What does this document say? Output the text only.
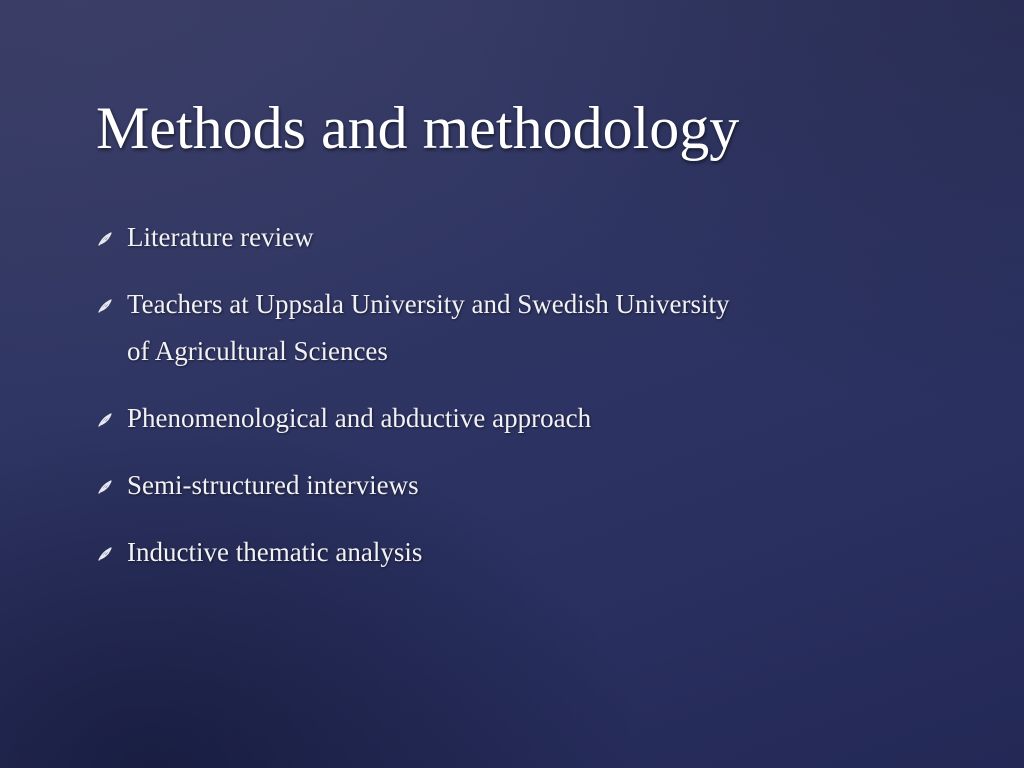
Methods and methodology
Literature review
Teachers at Uppsala University and Swedish University of Agricultural Sciences
Phenomenological and abductive approach
Semi-structured interviews
Inductive thematic analysis
